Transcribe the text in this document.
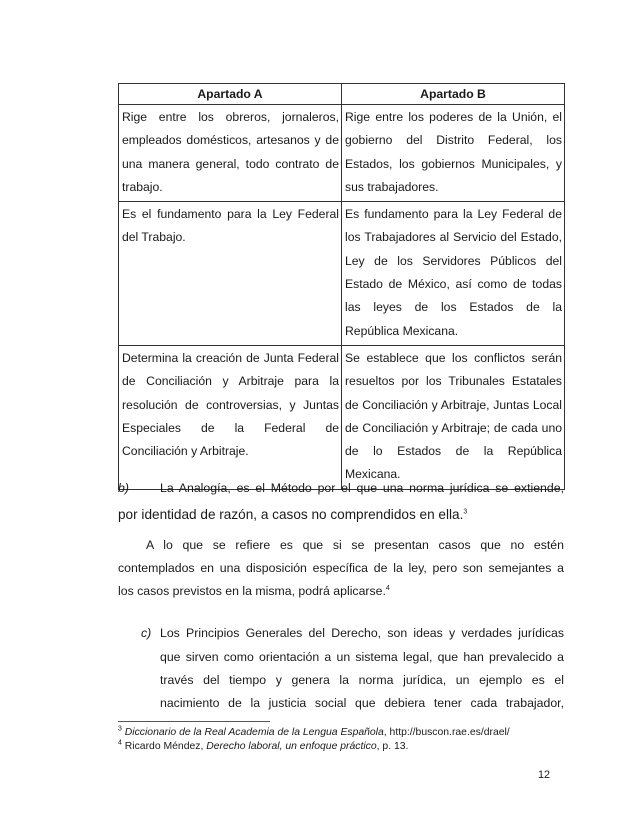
Apartado A	Apartado B
Rige entre los obreros, jornaleros, empleados domésticos, artesanos y de una manera general, todo contrato de trabajo.	Rige entre los poderes de la Unión, el gobierno del Distrito Federal, los Estados, los gobiernos Municipales, y sus trabajadores.
Es el fundamento para la Ley Federal del Trabajo.	Es fundamento para la Ley Federal de los Trabajadores al Servicio del Estado, Ley de los Servidores Públicos del Estado de México, así como de todas las leyes de los Estados de la República Mexicana.
Determina la creación de Junta Federal de Conciliación y Arbitraje para la resolución de controversias, y Juntas Especiales de la Federal de Conciliación y Arbitraje.	Se establece que los conflictos serán resueltos por los Tribunales Estatales de Conciliación y Arbitraje, Juntas Local de Conciliación y Arbitraje; de cada uno de lo Estados de la República Mexicana.
b)	La Analogía, es el Método por el que una norma jurídica se extiende,
por identidad de razón, a casos no comprendidos en ella.$^3$
A lo que se refiere es que si se presentan casos que no estén
contemplados en una disposición específica de la ley, pero son semejantes a
los casos previstos en la misma, podrá aplicarse.$^4$
c) Los Principios Generales del Derecho, son ideas y verdades jurídicas
que sirven como orientación a un sistema legal, que han prevalecido a
través del tiempo y genera la norma jurídica, un ejemplo es el
nacimiento de la justicia social que debiera tener cada trabajador,
$^3$ Diccionario de la Real Academia de la Lengua Española, http://buscon.rae.es/drael/
$^4$ Ricardo Méndez, Derecho laboral, un enfoque práctico, p. 13.
12
